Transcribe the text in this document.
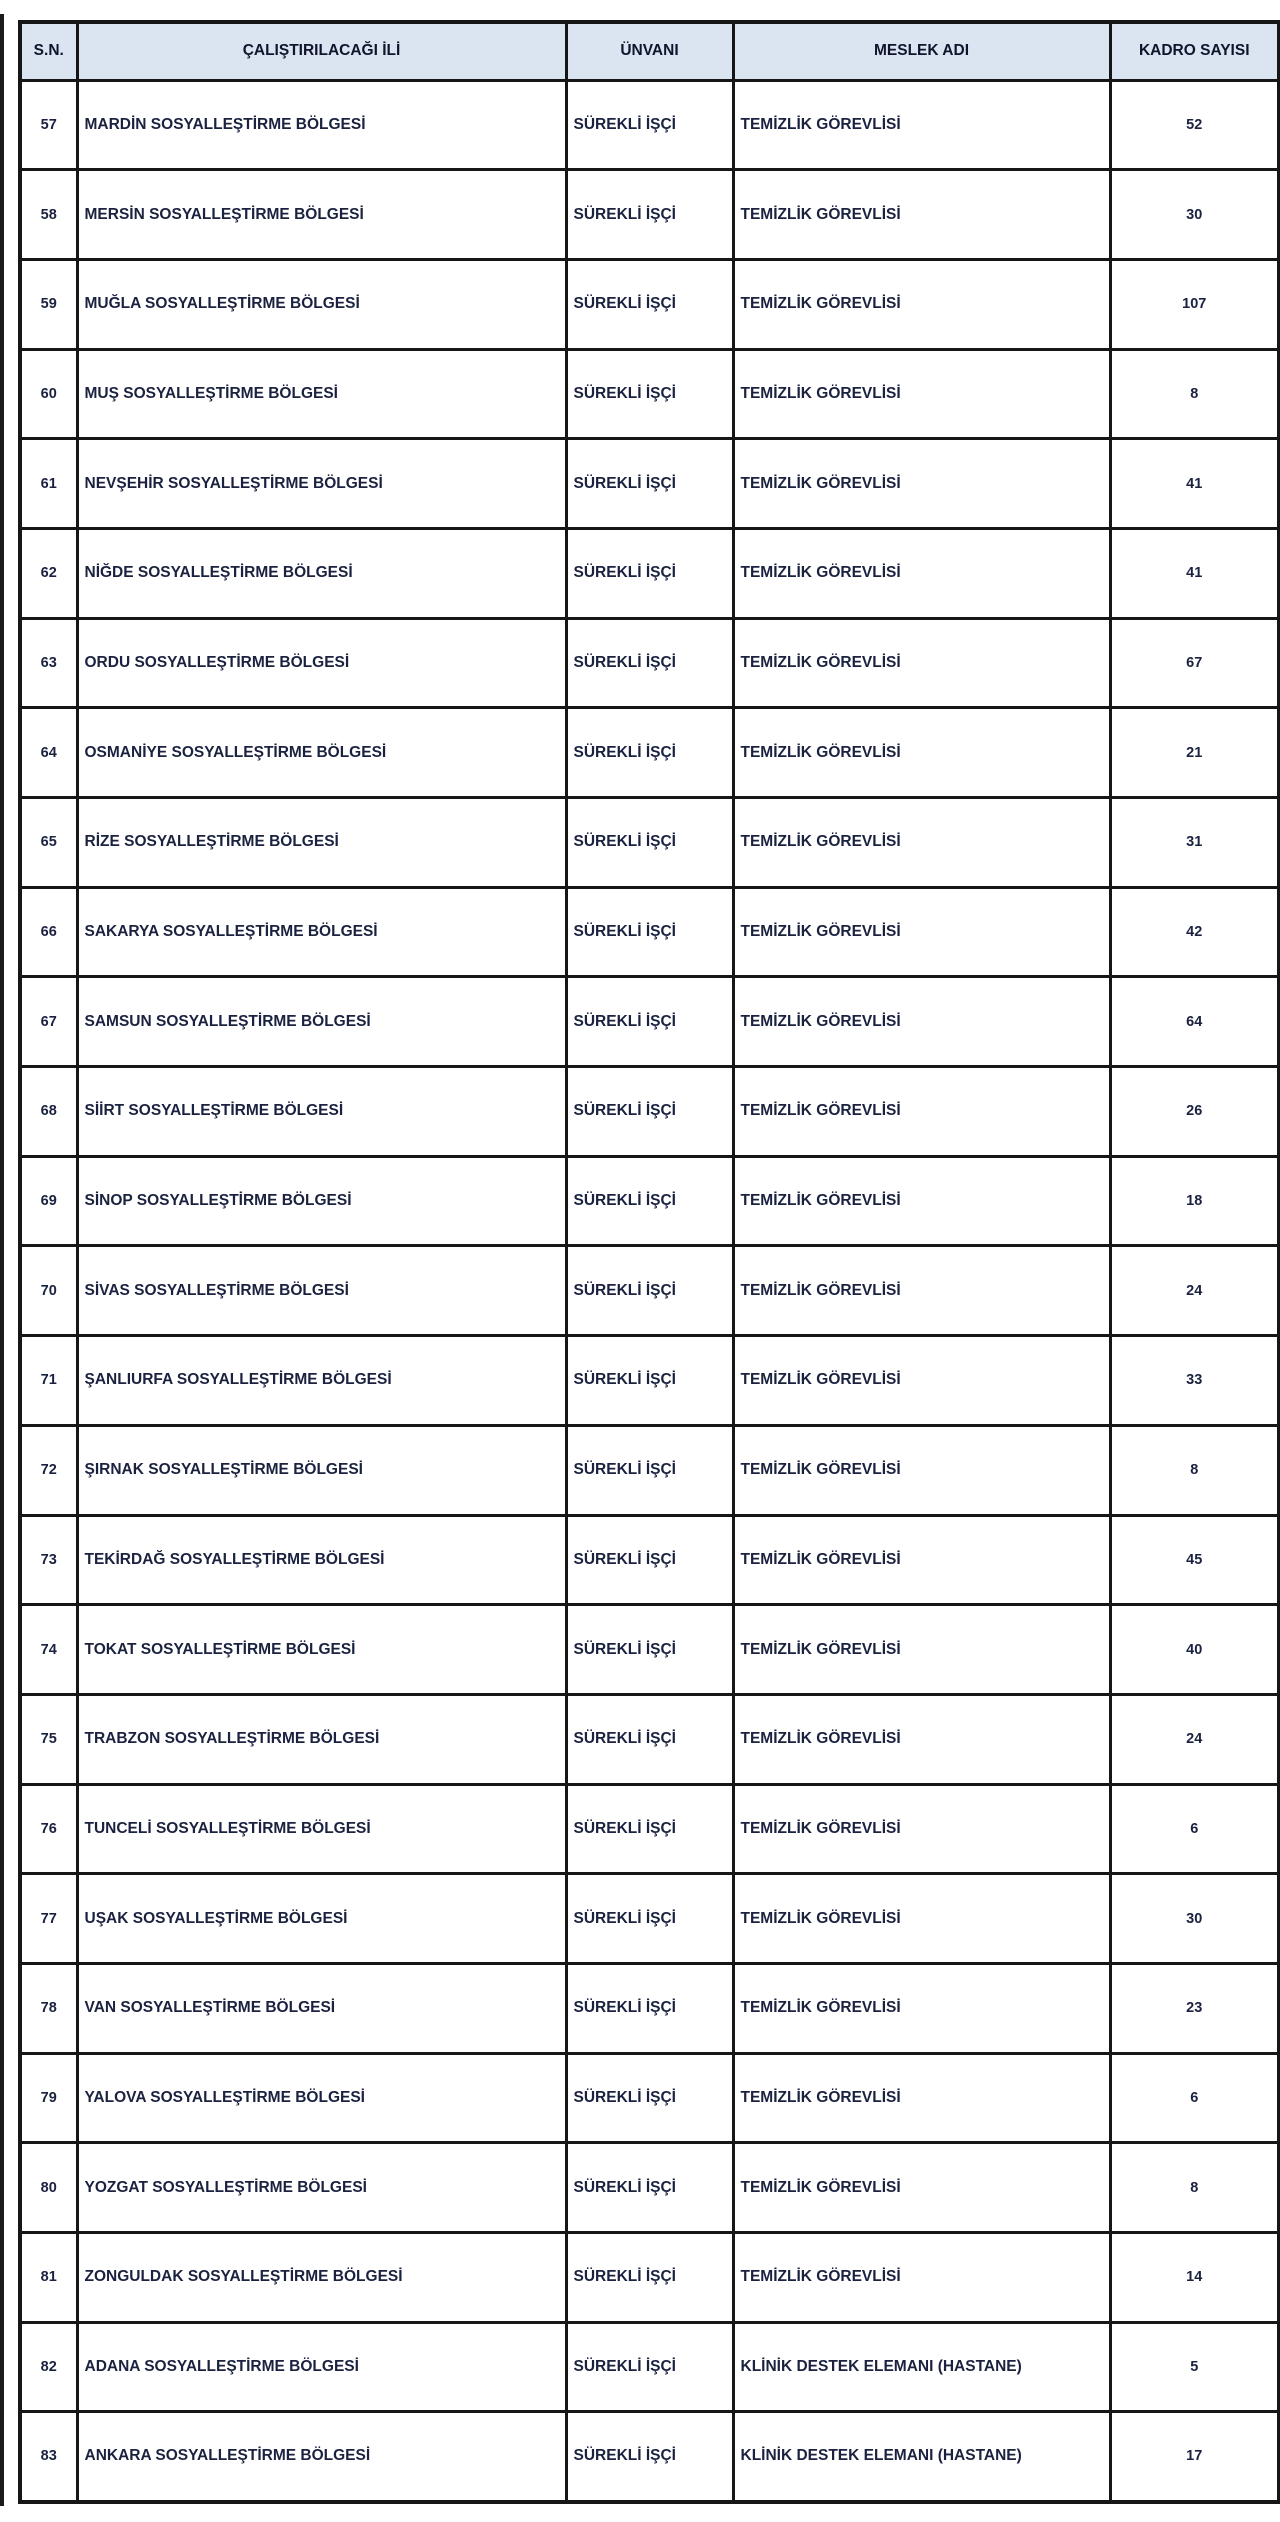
S.N.	ÇALIŞTIRILACAĞI İLİ	ÜNVANI	MESLEK ADI	KADRO SAYISI
57	MARDİN SOSYALLEŞTİRME BÖLGESİ	SÜREKLİ İŞÇİ	TEMİZLİK GÖREVLİSİ	52
58	MERSİN SOSYALLEŞTİRME BÖLGESİ	SÜREKLİ İŞÇİ	TEMİZLİK GÖREVLİSİ	30
59	MUĞLA SOSYALLEŞTİRME BÖLGESİ	SÜREKLİ İŞÇİ	TEMİZLİK GÖREVLİSİ	107
60	MUŞ SOSYALLEŞTİRME BÖLGESİ	SÜREKLİ İŞÇİ	TEMİZLİK GÖREVLİSİ	8
61	NEVŞEHİR SOSYALLEŞTİRME BÖLGESİ	SÜREKLİ İŞÇİ	TEMİZLİK GÖREVLİSİ	41
62	NİĞDE SOSYALLEŞTİRME BÖLGESİ	SÜREKLİ İŞÇİ	TEMİZLİK GÖREVLİSİ	41
63	ORDU SOSYALLEŞTİRME BÖLGESİ	SÜREKLİ İŞÇİ	TEMİZLİK GÖREVLİSİ	67
64	OSMANİYE SOSYALLEŞTİRME BÖLGESİ	SÜREKLİ İŞÇİ	TEMİZLİK GÖREVLİSİ	21
65	RİZE SOSYALLEŞTİRME BÖLGESİ	SÜREKLİ İŞÇİ	TEMİZLİK GÖREVLİSİ	31
66	SAKARYA SOSYALLEŞTİRME BÖLGESİ	SÜREKLİ İŞÇİ	TEMİZLİK GÖREVLİSİ	42
67	SAMSUN SOSYALLEŞTİRME BÖLGESİ	SÜREKLİ İŞÇİ	TEMİZLİK GÖREVLİSİ	64
68	SİİRT SOSYALLEŞTİRME BÖLGESİ	SÜREKLİ İŞÇİ	TEMİZLİK GÖREVLİSİ	26
69	SİNOP SOSYALLEŞTİRME BÖLGESİ	SÜREKLİ İŞÇİ	TEMİZLİK GÖREVLİSİ	18
70	SİVAS SOSYALLEŞTİRME BÖLGESİ	SÜREKLİ İŞÇİ	TEMİZLİK GÖREVLİSİ	24
71	ŞANLIURFA SOSYALLEŞTİRME BÖLGESİ	SÜREKLİ İŞÇİ	TEMİZLİK GÖREVLİSİ	33
72	ŞIRNAK SOSYALLEŞTİRME BÖLGESİ	SÜREKLİ İŞÇİ	TEMİZLİK GÖREVLİSİ	8
73	TEKİRDAĞ SOSYALLEŞTİRME BÖLGESİ	SÜREKLİ İŞÇİ	TEMİZLİK GÖREVLİSİ	45
74	TOKAT SOSYALLEŞTİRME BÖLGESİ	SÜREKLİ İŞÇİ	TEMİZLİK GÖREVLİSİ	40
75	TRABZON SOSYALLEŞTİRME BÖLGESİ	SÜREKLİ İŞÇİ	TEMİZLİK GÖREVLİSİ	24
76	TUNCELİ SOSYALLEŞTİRME BÖLGESİ	SÜREKLİ İŞÇİ	TEMİZLİK GÖREVLİSİ	6
77	UŞAK SOSYALLEŞTİRME BÖLGESİ	SÜREKLİ İŞÇİ	TEMİZLİK GÖREVLİSİ	30
78	VAN SOSYALLEŞTİRME BÖLGESİ	SÜREKLİ İŞÇİ	TEMİZLİK GÖREVLİSİ	23
79	YALOVA SOSYALLEŞTİRME BÖLGESİ	SÜREKLİ İŞÇİ	TEMİZLİK GÖREVLİSİ	6
80	YOZGAT SOSYALLEŞTİRME BÖLGESİ	SÜREKLİ İŞÇİ	TEMİZLİK GÖREVLİSİ	8
81	ZONGULDAK SOSYALLEŞTİRME BÖLGESİ	SÜREKLİ İŞÇİ	TEMİZLİK GÖREVLİSİ	14
82	ADANA SOSYALLEŞTİRME BÖLGESİ	SÜREKLİ İŞÇİ	KLİNİK DESTEK ELEMANI (HASTANE)	5
83	ANKARA SOSYALLEŞTİRME BÖLGESİ	SÜREKLİ İŞÇİ	KLİNİK DESTEK ELEMANI (HASTANE)	17
